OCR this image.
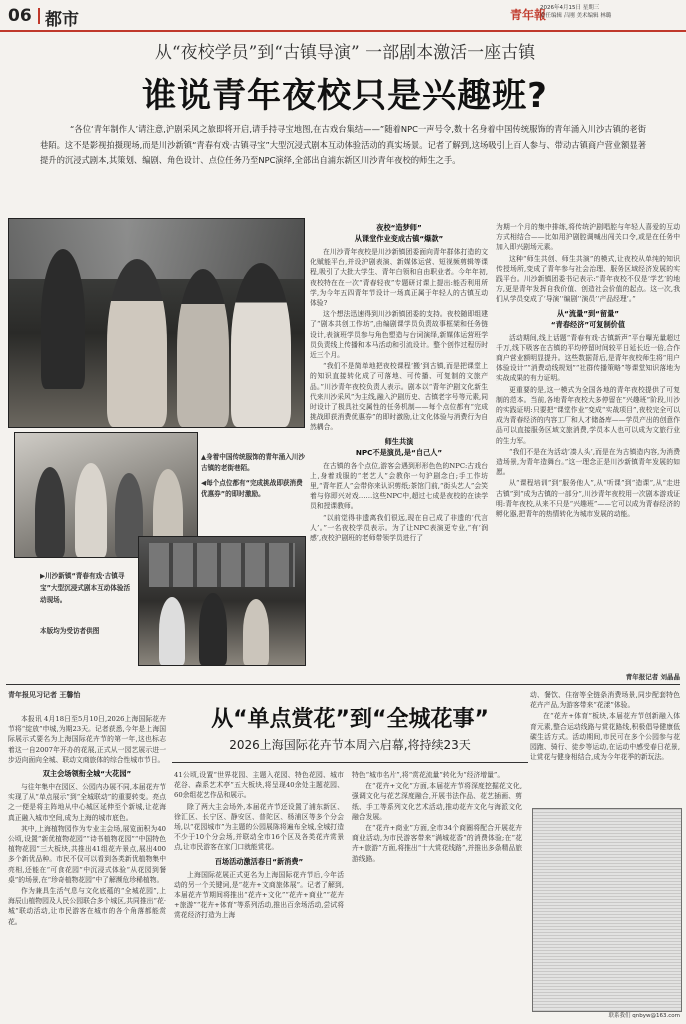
06 都市	青年報
2026年4月15日 星期三
责任编辑 吕刚 美术编辑 林璐
从“夜校学员”到“古镇导演” 一部剧本激活一座古镇
谁说青年夜校只是兴趣班?
“各位‘青年制作人’请注意,沪剧采风之旅即将开启,请手持寻宝地图,在古戏台集结——”随着NPC一声号令,数十名身着中国传统服饰的青年涌入川沙古镇的老街巷陌。这不是影视拍摄现场,而是川沙新镇“青春有戏·古镇寻宝”大型沉浸式剧本互动体验活动的真实场景。记者了解到,这场吸引上百人参与、带动古镇商户营业额显著提升的沉浸式剧本,其策划、编剧、角色设计、点位任务乃至NPC演绎,全部出自浦东新区川沙青年夜校的师生之手。
▲身着中国传统服饰的青年涌入川沙古镇的老街巷陌。
◀每个点位都有“完成挑战即获消费优惠券”的即时激励。
▶川沙新镇“青春有戏·古镇寻宝”大型沉浸式剧本互动体验活动现场。
本版均为受访者供图
夜校“造梦师”
从课堂作业变成古镇“爆款”

在川沙青年夜校是川沙新镇团委面向青年群体打造的文化赋能平台,并设沪剧表演、新媒体运营、短视频剪辑等课程,吸引了大批大学生、青年白领和自由职业者。今年年初,夜校特在在一次“青春轻夜”专题研讨课上提出:能否利用所学,为今年五四青年节设计一场真正属于年轻人的古镇互动体验?

这个想法迅速得到川沙新镇团委的支持。夜校随即组建了“剧本共创工作坊”,由编剧课学员负责故事框架和任务链设计,表演班学员参与角色塑造与台词演绎,新媒体运营班学员负责线上传播和本马活动和引流设计。整个创作过程历时近三个月。

“我们不是简单地把夜校课程‘搬’到古镇,而是把课堂上的知识直接转化成了可落地、可传播、可复制的文旅产品。”川沙青年夜校负责人表示。剧本以“青年沪剧文化新生代来川沙采风”为主线,融入沪剧历史、古镇老字号等元素,同时设计了极具社交属性的任务机制——每个点位都有“完成挑战即获消费优惠券”的即时激励,让文化体验与消费行为自然耦合。

师生共演
NPC不是演员,是“自己人”

在古镇的各个点位,游客会遇到形形色色的NPC:古戏台上,身着戏服的“老艺人”会教你一句沪剧念白;手工作坊里,“青年匠人”会带你来认识剪纸;茶馆门前,“街头艺人”会笑着与你即兴对戏……这些NPC中,超过七成是夜校的在读学员和授课教师。

“以前觉得非遗离我们很远,现在自己成了非遗的‘代言人’。”一名夜校学员表示。为了让NPC表演更专业,“有‘润感’,夜校沪剧班的老师带领学员进行了

为期一个月的集中排练,将传统沪剧唱腔与年轻人喜爱的互动方式相结合——比如用沪剧腔调喊出闯关口令,或是在任务中加入即兴剧场元素。

这种“师生共创、师生共演”的模式,让夜校从单纯的知识传授场所,变成了青年参与社会治理、服务区域经济发展的实践平台。川沙新镇团委书记表示:“青年夜校不仅是‘学艺’的地方,更是青年发挥自我价值、创造社会价值的起点。这一次,我们从学员变成了‘导演’‘编剧’‘演员’‘产品经理’。”

从“流量”到“留量”
“青春经济”可复制价值

活动期间,线上话题“青春有戏·古镇新声”平台曝光量超过千万,线下吸客在古镇的平均停留时间较平日延长近一倍,合作商户营业额明显提升。这些数据背后,是青年夜校师生将“用户体验设计”“消费动线规划”“社群传播策略”等课堂知识落地为实战成果的有力证明。

更重要的是,这一模式为全国各地的青年夜校提供了可复制的范本。当前,各地青年夜校大多停留在“兴趣班”阶段,川沙的实践证明:只要把“课堂作业”变成“实战项目”,夜校完全可以成为青春经济的内容工厂和人才储备库——学员产出的创意作品可以直接服务区域文旅消费,学员本人也可以成为文旅行业的生力军。

“我们不是在为活动‘凑人头’,而是在为古镇造内容,为消费造场景,为青年造舞台。”这一理念正是川沙新镇青年发展的如愿。

从“课程培训”到“服务他人”,从“听课”到“造课”,从“走进古镇”到“成为古镇的一部分”,川沙青年夜校用一次剧本游戏证明:青年夜校,从来不只是“兴趣班”——它可以成为青春经济的孵化器,把青年的热情转化为城市发展的动能。

青年报记者 刘晶晶
青年报见习记者 王馨怡
从“单点赏花”到“全城花事”
2026上海国际花卉节本周六启幕,将持续23天

本报讯 4月18日至5月10日,2026上海国际花卉节将“绽放”申城,为期23天。记者获悉,今年是上海国际展示式要名为上海国际花卉节的第一年,这也标志着这一自2007年开办的花展,正式从一园艺展示进一步迈向面向全城、联动文商旅体的综合性城市节日。

双主会场领衔全城“大花园”

与往年集中在园区、公园内办展不同,本届花卉节实现了从“单点展示”到“全城联动”的重要转变。亮点之一便是将主阵地从中心城区延伸至个新城,让花海真正融入城市空间,成为上海的城市底色。

其中,上海植物园作为专业主会场,展览面积为40公顷,设置“新优植物花园”“诗书植物花园”“中国特色植物花园”三大板块,共推出41组花卉景点,展出400多个新优品种。市民不仅可以看到各类新优植物集中亮相,还能在“可食花园”中沉浸式体验“从花园到餐桌”的场景,在“珍奇植物花园”中了解濒危珍稀植物。

作为兼具生活气息与文化底蕴的“全城花园”,上海辰山植物园及人民公园联合多个城区,共同推出“花·城”联动活动,让市民游客在城市的各个角落都能赏花。

41公顷,设置“世界花园、主题入花园、特色花园、城市花谷、森系艺术亭”五大板块,将呈现40余处主题花园、60余组花艺作品和展示。

除了两大主会场外,本届花卉节还设置了浦东新区、徐汇区、长宁区、静安区、普陀区、杨浦区等多个分会场,以“花园城市”为主题的公园展陈将遍布全城,全城打造不少于10个分会场,并联动全市16个区及各类花卉赏景点,让市民游客在家门口就能赏花。

百场活动激活春日“新消费”

上海国际花展正式更名为上海国际花卉节后,今年活动的另一个关键词,是“花卉+文商旅体展”。记者了解到,本届花卉节期间将推出“花卉+文化”“花卉+商业”“花卉+旅游”“花卉+体育”等系列活动,推出百余场活动,尝试将赏花经济打造为上海

特色“城市名片”,将“赏花流量”转化为“经济增量”。

在“花卉+文化”方面,本届花卉节将深度挖掘花文化,强调文化与花艺深度融合,开展书法作品、花艺插画、剪纸、手工等系列文化艺术活动,推动花卉文化与海派文化融合发展。

在“花卉+商业”方面,全市34个商圈将配合开展花卉商业活动,为市民游客带来“满城花香”的消费体验;在“花卉+旅游”方面,将推出“十大赏花线路”,并推出多条精品旅游线路。

动、餐饮、住宿等全链条消费场景,同步配套特色花卉产品,为游客带来“花漾”体验。

在“花卉+体育”板块,本届花卉节创新融入体育元素,整合运动线路与赏花路线,积极倡导健康低碳生活方式。活动期间,市民可在多个公园参与花园跑、骑行、徒步等运动,在运动中感受春日花景,让赏花与健身相结合,成为今年花季的新玩法。

联系我们 qnbyw@163.com
